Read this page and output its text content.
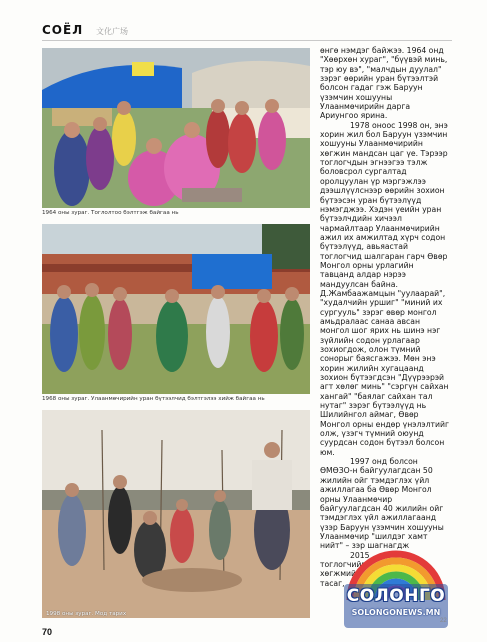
СОЁЛ 文化广场
1964 оны зураг. Тоглолтоо бэлтгэж байгаа нь
1968 оны зураг. Улаанмөчирийн уран бүтээлчид бэлтгэлээ хийж байгаа нь
1998 оны зураг. Мод тарих

өнгө нэмдэг байжээ. 1964 онд "Хөөрхөн хураг", "бүүвэй минь, тэр юу вэ", "малчдын дуулал" зэрэг өөрийн уран бүтээлтэй болсон гадаг гэж Баруун үзэмчин хошууны Улаанмөчирийн дарга Ариунгоо ярина.

1978 оноос 1998 он, энэ хорин жил бол Баруун үзэмчин хошууны Улаанмөчирийн хөгжин мандсан цаг үе. Тэрээр тоглогчдын эгнээгээ тэлж боловсрол сургалтад оролцуулан үр мэргэжлээ дээшлүүлснээр өөрийн зохион бүтээсэн уран бүтээлүүд нэмэгджээ. Хэдэн үеийн уран бүтээлчдийн хичээл чармайлтаар Улаанмөчирийн ажил их амжилтад хүрч содон бүтээлүүд, авьяастай тоглогчид шалгаран гарч Өвөр Монгол орны урлагийн тавцанд алдар нэрээ мандуулсан байна. Д.Жамбаажамцын "уулаарай", "худалчийн уршиг" "миний их сургууль" зэрэг өвөр монгол амьдралаас санаа авсан монгол шог ярих нь шинэ нэг зүйлийн содон урлагаар зохиогдож, олон түмний сонорыг баясгажээ. Мөн энэ хорин жилийн хугацаанд зохион бүтээгдсэн "Дүүрээрэй агт хөлөг минь" "сэргүн сайхан хангай" "баялаг сайхан тал нутаг" зэрэг бүтээлүүд нь Шилийнгол аймаг, Өвөр Монгол орны ендөр үнэлэлтийг олж, үзэгч түмний оюунд суурдсан содон бүтээл болсон юм.

1997 онд болсон ӨМӨЗО-н байгуулагдсан 50 жилийн ойг тэмдэглэх үйл ажиллагаа ба Өвөр Монгол орны Улаанмөчир байгуулагдсан 40 жилийн ойг тэмдэглэх үйл ажиллагаанд үзэр Баруун үзэмчин хошууны Улаанмөчир "шилдэг хамт нийт" – зэр шагнагдж

2015

тоглогчийг

хөгжмийн

тасаг,

70
СОЛОНГО
SOLONGONEWS.MN
22
